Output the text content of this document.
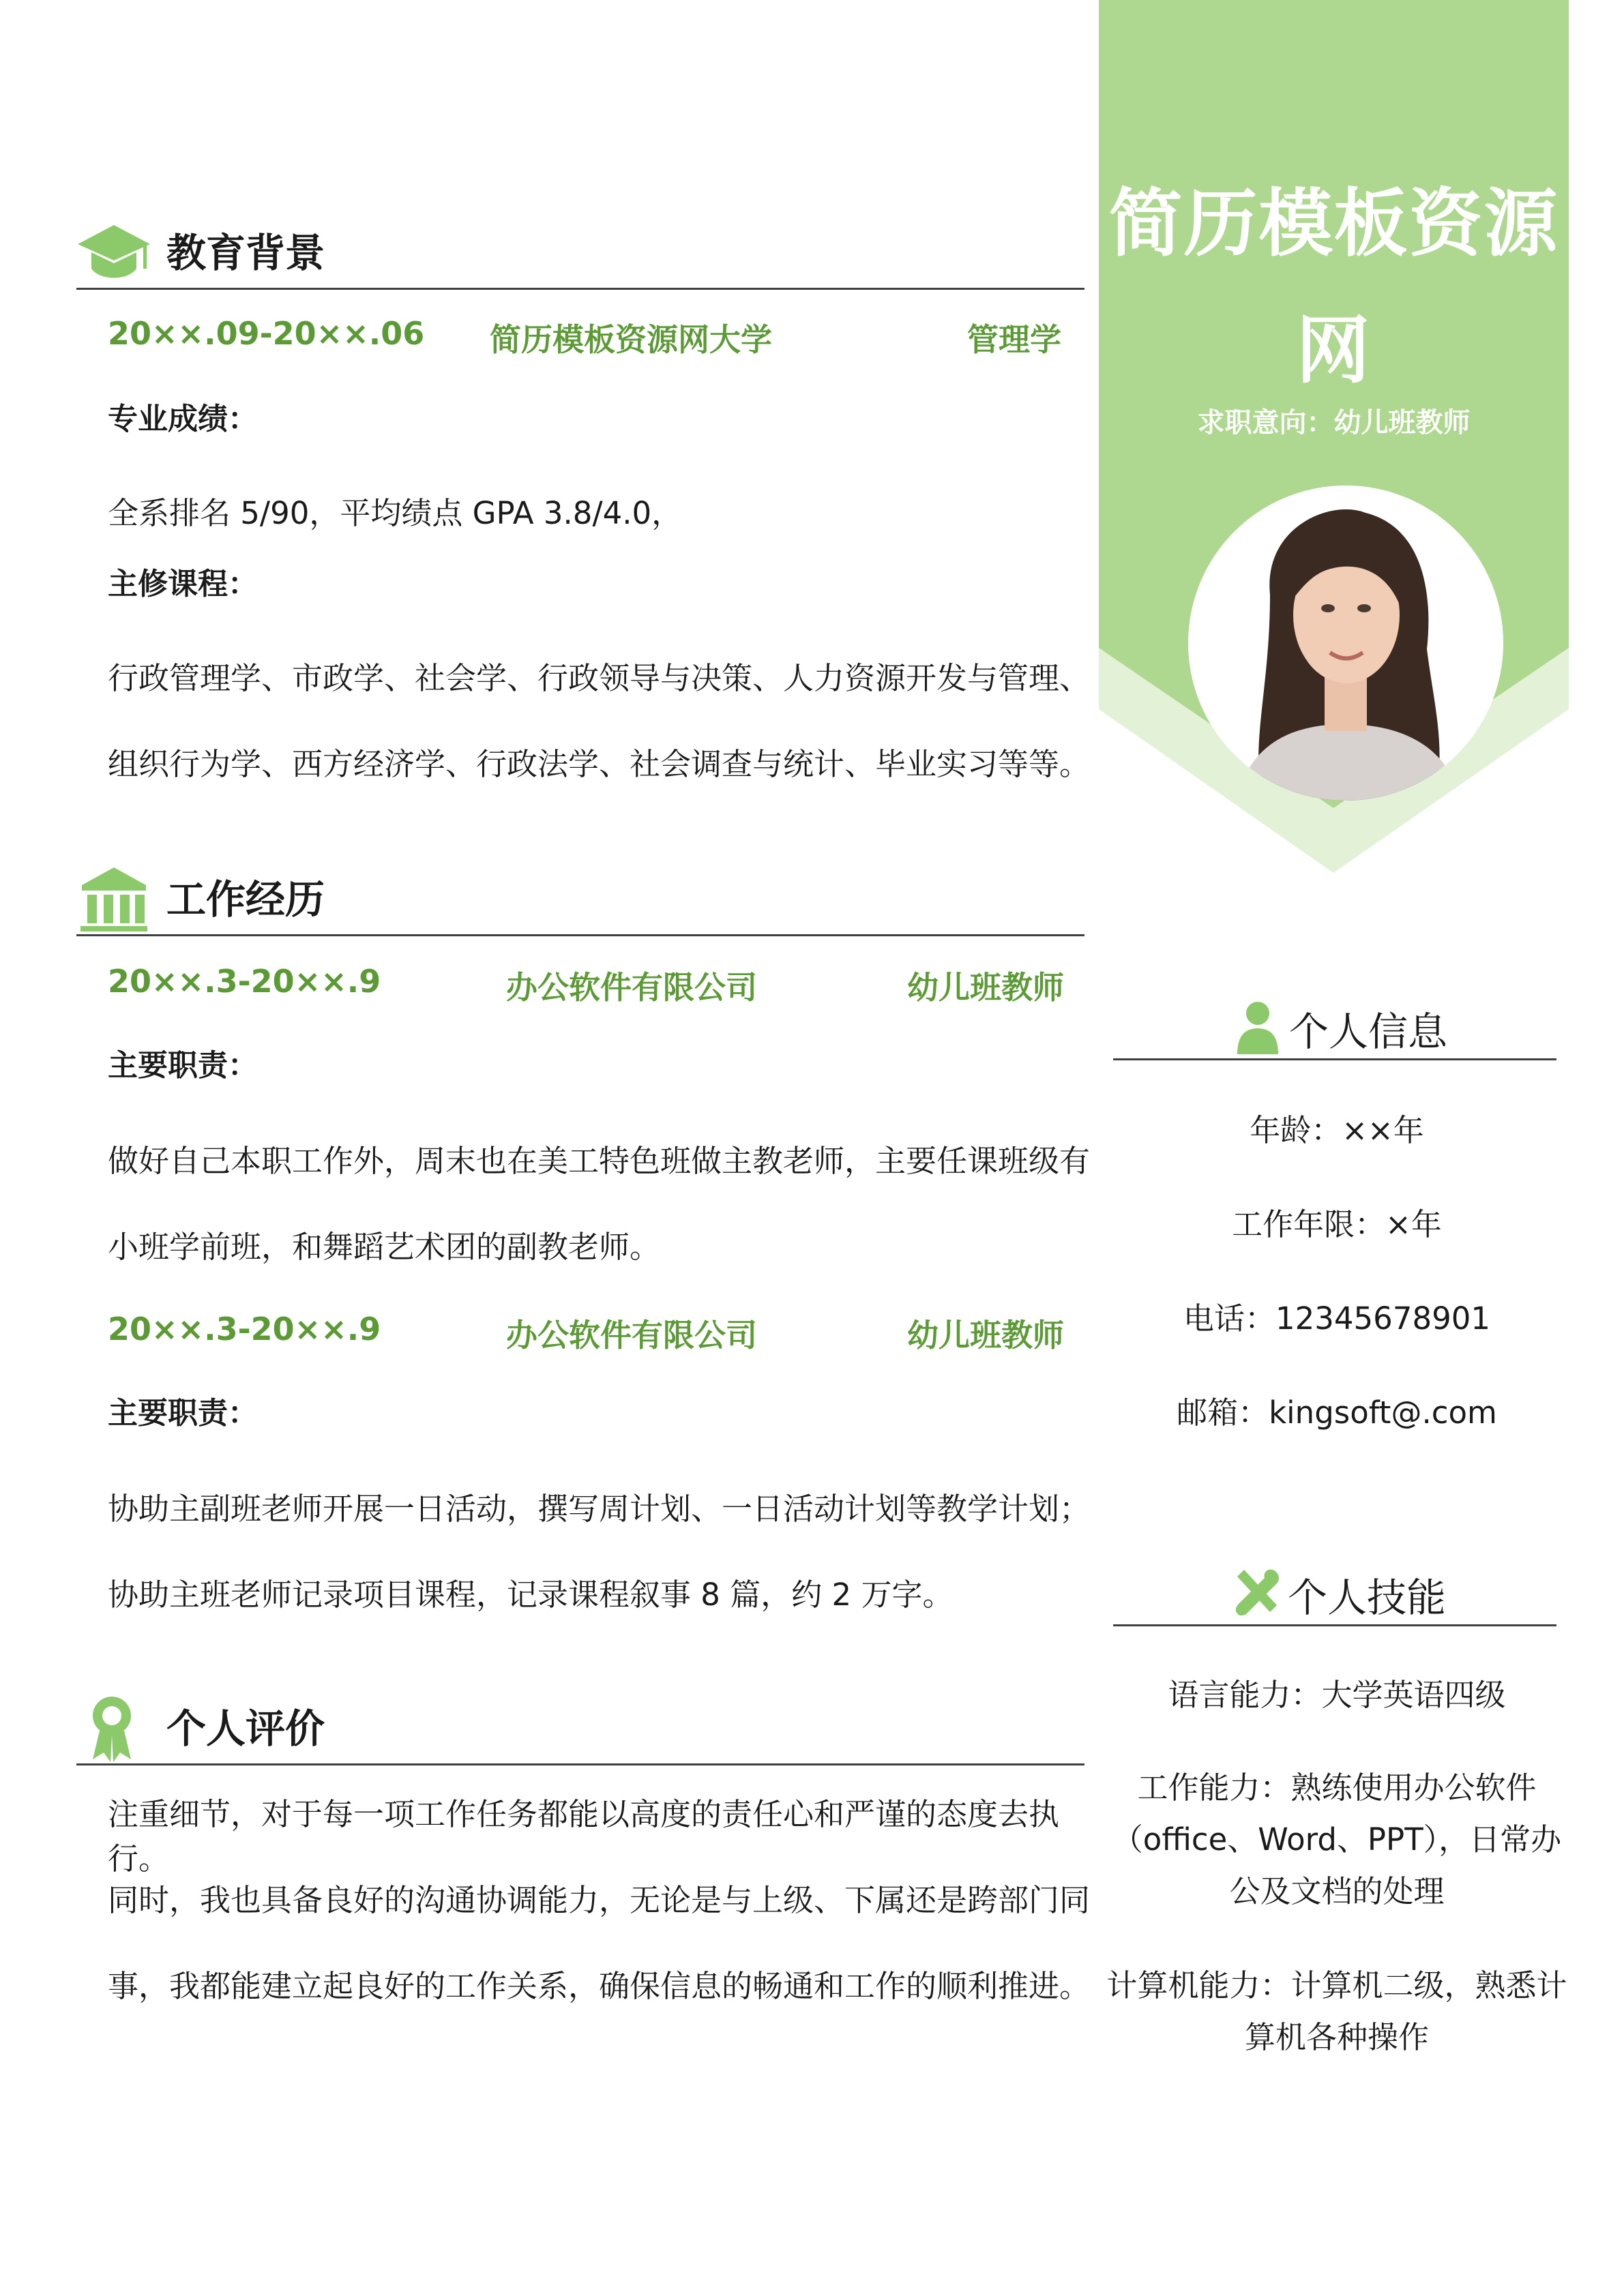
简历模板资源
网
求职意向：幼儿班教师
教育背景
20××.09-20××.06 简历模板资源网大学	管理学
专业成绩：
全系排名 5/90，平均绩点 GPA 3.8/4.0，
主修课程：
行政管理学、市政学、社会学、行政领导与决策、人力资源开发与管理、
组织行为学、西方经济学、行政法学、社会调查与统计、毕业实习等等。
工作经历
20××.3-20××.9	办公软件有限公司	幼儿班教师
主要职责：
做好自己本职工作外，周末也在美工特色班做主教老师，主要任课班级有
小班学前班，和舞蹈艺术团的副教老师。
20××.3-20××.9	办公软件有限公司	幼儿班教师
主要职责：
协助主副班老师开展一日活动，撰写周计划、一日活动计划等教学计划；
协助主班老师记录项目课程，记录课程叙事 8 篇，约 2 万字。
个人评价
注重细节，对于每一项工作任务都能以高度的责任心和严谨的态度去执行。
同时，我也具备良好的沟通协调能力，无论是与上级、下属还是跨部门同
事，我都能建立起良好的工作关系，确保信息的畅通和工作的顺利推进。
个人信息
年龄：××年
工作年限：×年
电话：12345678901
邮箱：kingsoft@.com
个人技能
语言能力：大学英语四级
工作能力：熟练使用办公软件
（office、Word、PPT），日常办
公及文档的处理
计算机能力：计算机二级，熟悉计
算机各种操作
